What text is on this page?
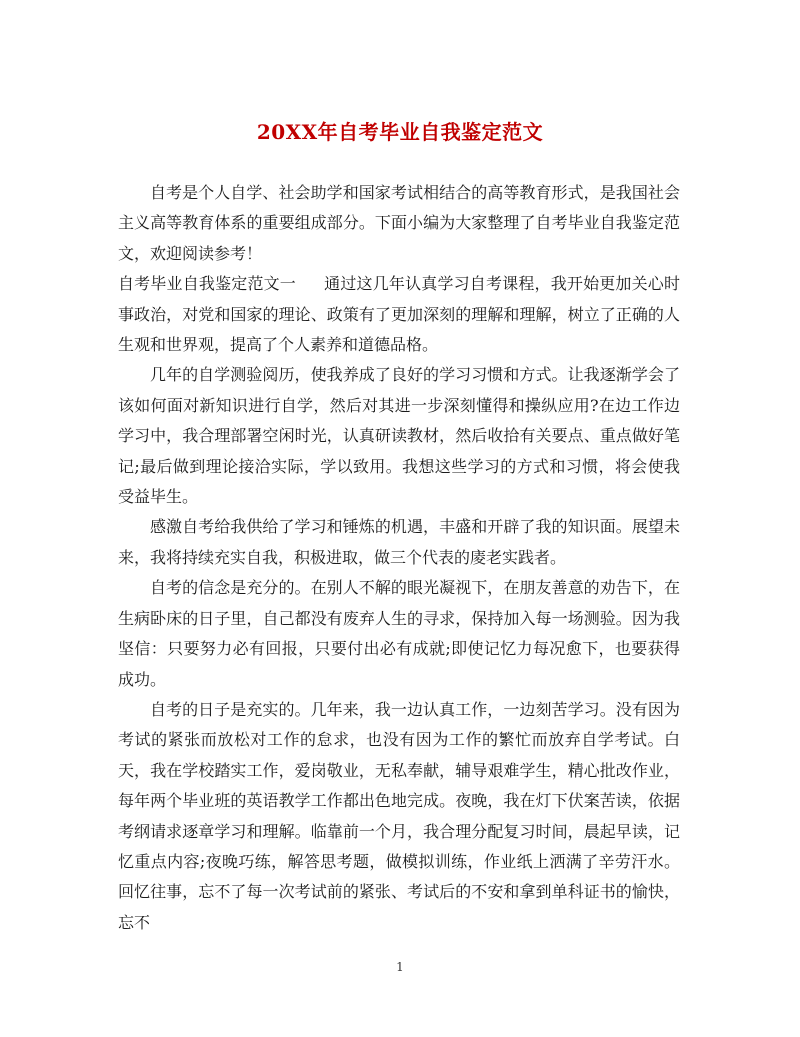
20XX年自考毕业自我鉴定范文

自考是个人自学、社会助学和国家考试相结合的高等教育形式，是我国社会主义高等教育体系的重要组成部分。下面小编为大家整理了自考毕业自我鉴定范文，欢迎阅读参考！

自考毕业自我鉴定范文一 通过这几年认真学习自考课程，我开始更加关心时事政治，对党和国家的理论、政策有了更加深刻的理解和理解，树立了正确的人生观和世界观，提高了个人素养和道德品格。

几年的自学测验阅历，使我养成了良好的学习习惯和方式。让我逐渐学会了该如何面对新知识进行自学，然后对其进一步深刻懂得和操纵应用?在边工作边学习中，我合理部署空闲时光，认真研读教材，然后收拾有关要点、重点做好笔记;最后做到理论接洽实际，学以致用。我想这些学习的方式和习惯，将会使我受益毕生。

感激自考给我供给了学习和锤炼的机遇，丰盛和开辟了我的知识面。展望未来，我将持续充实自我，积极进取，做三个代表的庱老实践者。

自考的信念是充分的。在别人不解的眼光凝视下，在朋友善意的劝告下，在生病卧床的日子里，自己都没有废弃人生的寻求，保持加入每一场测验。因为我坚信：只要努力必有回报，只要付出必有成就;即使记忆力每况愈下，也要获得成功。

自考的日子是充实的。几年来，我一边认真工作，一边刻苦学习。没有因为考试的紧张而放松对工作的怠求，也没有因为工作的繁忙而放弃自学考试。白天，我在学校踏实工作，爱岗敬业，无私奉献，辅导艰难学生，精心批改作业，每年两个毕业班的英语教学工作都出色地完成。夜晚，我在灯下伏案苦读，依据考纲请求逐章学习和理解。临靠前一个月，我合理分配复习时间，晨起早读，记忆重点内容;夜晚巧练，解答思考题，做模拟训练，作业纸上洒满了辛劳汗水。回忆往事，忘不了每一次考试前的紧张、考试后的不安和拿到单科证书的愉快，忘不

1
